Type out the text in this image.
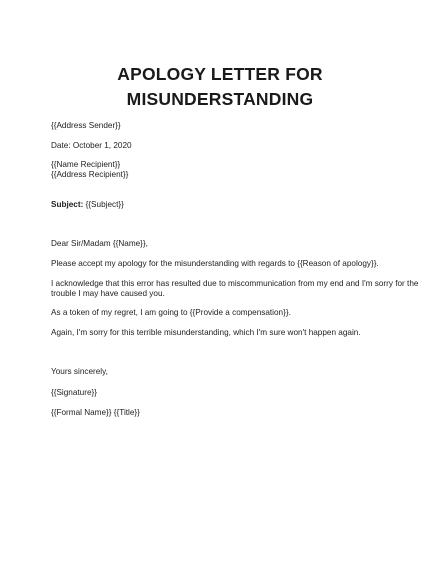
APOLOGY LETTER FOR
MISUNDERSTANDING
{{Address Sender}}
Date: October 1, 2020
{{Name Recipient}}
{{Address Recipient}}
Subject: {{Subject}}
Dear Sir/Madam {{Name}},
Please accept my apology for the misunderstanding with regards to {{Reason of apology}}.
I acknowledge that this error has resulted due to miscommunication from my end and I'm sorry for the
trouble I may have caused you.
As a token of my regret, I am going to {{Provide a compensation}}.
Again, I'm sorry for this terrible misunderstanding, which I'm sure won't happen again.
Yours sincerely,
{{Signature}}
{{Formal Name}} {{Title}}
